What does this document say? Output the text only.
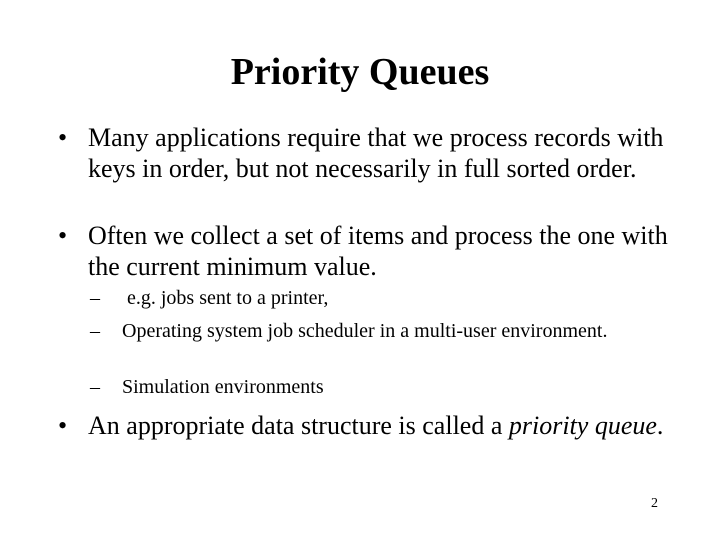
Priority Queues

• Many applications require that we process records with keys in order, but not necessarily in full sorted order.

• Often we collect a set of items and process the one with the current minimum value.

–	e.g. jobs sent to a printer,

–	Operating system job scheduler in a multi-user environment.

–	Simulation environments

• An appropriate data structure is called a priority queue.

2
